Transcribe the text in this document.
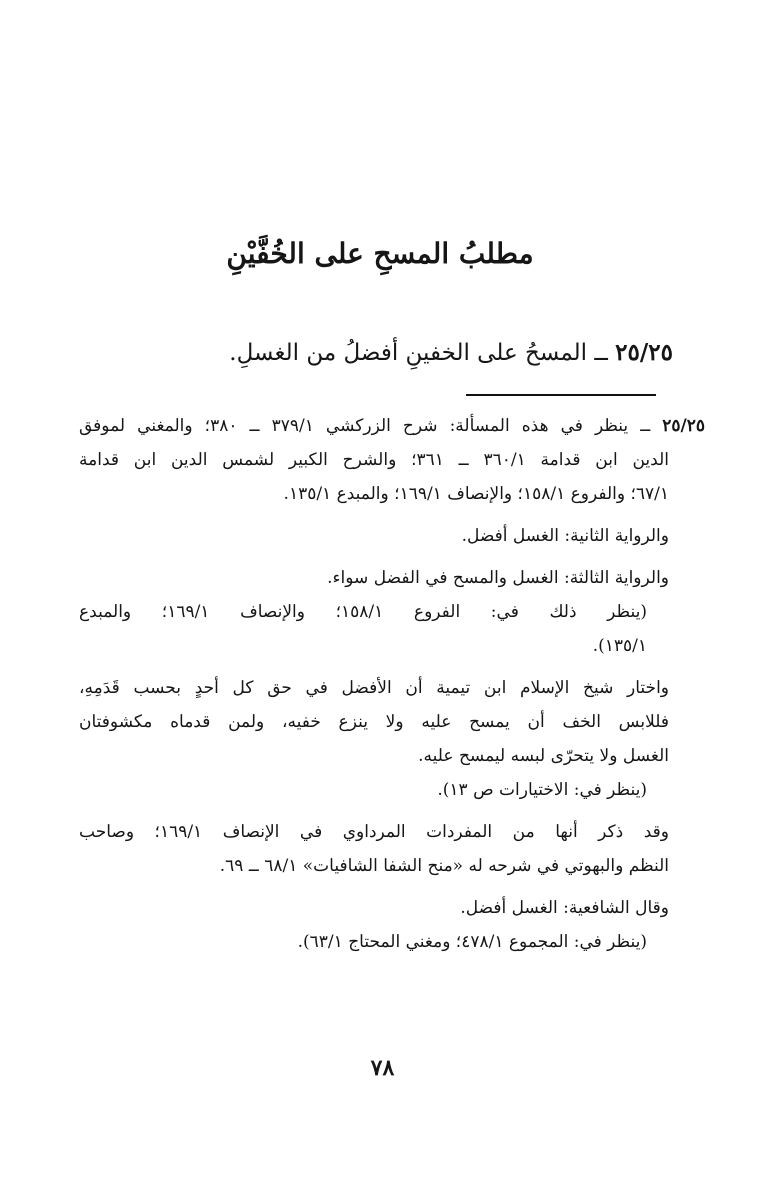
مطلبُ المسحِ على الخُفَّيْنِ
٢٥/٢٥ ــ المسحُ على الخفينِ أفضلُ من الغسلِ.
٢٥/٢٥ ــ ينظر في هذه المسألة: شرح الزركشي ٣٧٩/١ ــ ٣٨٠؛ والمغني لموفق
الدين ابن قدامة ٣٦٠/١ ــ ٣٦١؛ والشرح الكبير لشمس الدين ابن قدامة
٦٧/١؛ والفروع ١٥٨/١؛ والإنصاف ١٦٩/١؛ والمبدع ١٣٥/١.
والرواية الثانية: الغسل أفضل.
والرواية الثالثة: الغسل والمسح في الفضل سواء.
(ينظر ذلك في: الفروع ١٥٨/١؛ والإنصاف ١٦٩/١؛ والمبدع
١٣٥/١).
واختار شيخ الإسلام ابن تيمية أن الأفضل في حق كل أحدٍ بحسب قَدَمِهِ،
فللابس الخف أن يمسح عليه ولا ينزع خفيه، ولمن قدماه مكشوفتان
الغسل ولا يتحرّى لبسه ليمسح عليه.
(ينظر في: الاختيارات ص ١٣).
وقد ذكر أنها من المفردات المرداوي في الإنصاف ١٦٩/١؛ وصاحب
النظم والبهوتي في شرحه له «منح الشفا الشافيات» ٦٨/١ ــ ٦٩.
وقال الشافعية: الغسل أفضل.
(ينظر في: المجموع ٤٧٨/١؛ ومغني المحتاج ٦٣/١).
٧٨
